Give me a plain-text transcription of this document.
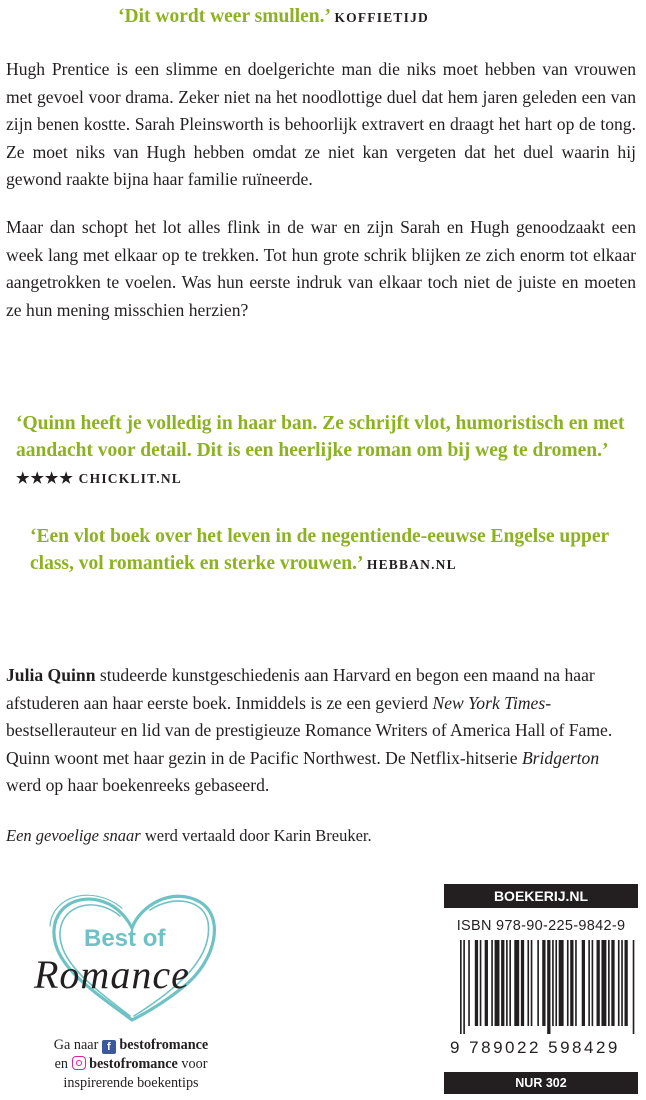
‘Dit wordt weer smullen.’ KOFFIETIJD
Hugh Prentice is een slimme en doelgerichte man die niks moet hebben van vrouwen met gevoel voor drama. Zeker niet na het noodlottige duel dat hem jaren geleden een van zijn benen kostte. Sarah Pleinsworth is behoorlijk extravert en draagt het hart op de tong. Ze moet niks van Hugh hebben omdat ze niet kan vergeten dat het duel waarin hij gewond raakte bijna haar familie ruïneerde.
Maar dan schopt het lot alles flink in de war en zijn Sarah en Hugh genoodzaakt een week lang met elkaar op te trekken. Tot hun grote schrik blijken ze zich enorm tot elkaar aangetrokken te voelen. Was hun eerste indruk van elkaar toch niet de juiste en moeten ze hun mening misschien herzien?
‘Quinn heeft je volledig in haar ban. Ze schrijft vlot, humoristisch en met aandacht voor detail. Dit is een heerlijke roman om bij weg te dromen.’ ★★★★ CHICKLIT.NL
‘Een vlot boek over het leven in de negentiende-eeuwse Engelse upper class, vol romantiek en sterke vrouwen.’ HEBBAN.NL
Julia Quinn studeerde kunstgeschiedenis aan Harvard en begon een maand na haar afstuderen aan haar eerste boek. Inmiddels is ze een gevierd New York Times-bestsellerauteur en lid van de prestigieuze Romance Writers of America Hall of Fame. Quinn woont met haar gezin in de Pacific Northwest. De Netflix-hitserie Bridgerton werd op haar boekenreeks gebaseerd.
Een gevoelige snaar werd vertaald door Karin Breuker.
Best of
Romance
Ga naar f bestofromance
en bestofromance voor
inspirerende boekentips
BOEKERIJ.NL
ISBN 978-90-225-9842-9
9 789022 598429
NUR 302
